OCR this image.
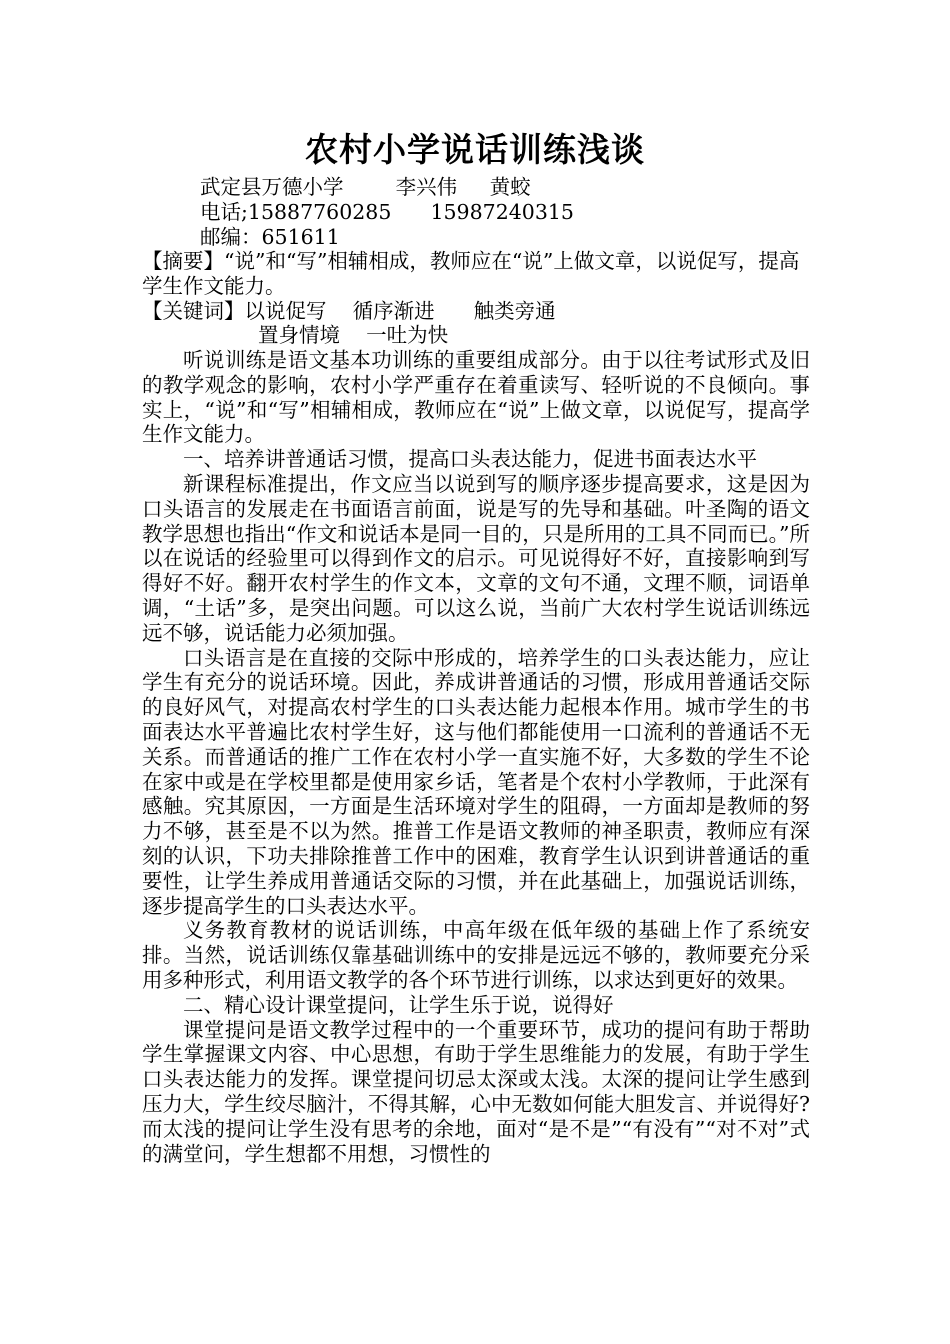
农村小学说话训练浅谈
武定县万德小学        李兴伟     黄蛟
电话;15887760285      15987240315
邮编：651611
【摘要】“说”和“写”相辅相成，教师应在“说”上做文章，以说促写，提高学生作文能力。
【关键词】以说促写    循序渐进      触类旁通
置身情境    一吐为快

听说训练是语文基本功训练的重要组成部分。由于以往考试形式及旧的教学观念的影响，农村小学严重存在着重读写、轻听说的不良倾向。事实上，“说”和“写”相辅相成，教师应在“说”上做文章，以说促写，提高学生作文能力。

一、培养讲普通话习惯，提高口头表达能力，促进书面表达水平

新课程标准提出，作文应当以说到写的顺序逐步提高要求，这是因为口头语言的发展走在书面语言前面，说是写的先导和基础。叶圣陶的语文教学思想也指出“作文和说话本是同一目的，只是所用的工具不同而已。”所以在说话的经验里可以得到作文的启示。可见说得好不好，直接影响到写得好不好。翻开农村学生的作文本，文章的文句不通，文理不顺，词语单调，“土话”多，是突出问题。可以这么说，当前广大农村学生说话训练远远不够，说话能力必须加强。

口头语言是在直接的交际中形成的，培养学生的口头表达能力，应让学生有充分的说话环境。因此，养成讲普通话的习惯，形成用普通话交际的良好风气，对提高农村学生的口头表达能力起根本作用。城市学生的书面表达水平普遍比农村学生好，这与他们都能使用一口流利的普通话不无关系。而普通话的推广工作在农村小学一直实施不好，大多数的学生不论在家中或是在学校里都是使用家乡话，笔者是个农村小学教师，于此深有感触。究其原因，一方面是生活环境对学生的阻碍，一方面却是教师的努力不够，甚至是不以为然。推普工作是语文教师的神圣职责，教师应有深刻的认识，下功夫排除推普工作中的困难，教育学生认识到讲普通话的重要性，让学生养成用普通话交际的习惯，并在此基础上，加强说话训练，逐步提高学生的口头表达水平。

义务教育教材的说话训练，中高年级在低年级的基础上作了系统安排。当然，说话训练仅靠基础训练中的安排是远远不够的，教师要充分采用多种形式，利用语文教学的各个环节进行训练，以求达到更好的效果。

二、精心设计课堂提问，让学生乐于说，说得好

课堂提问是语文教学过程中的一个重要环节，成功的提问有助于帮助学生掌握课文内容、中心思想，有助于学生思维能力的发展，有助于学生口头表达能力的发挥。课堂提问切忌太深或太浅。太深的提问让学生感到压力大，学生绞尽脑汁，不得其解，心中无数如何能大胆发言、并说得好?而太浅的提问让学生没有思考的余地，面对“是不是”“有没有”“对不对”式的满堂问，学生想都不用想，习惯性的
